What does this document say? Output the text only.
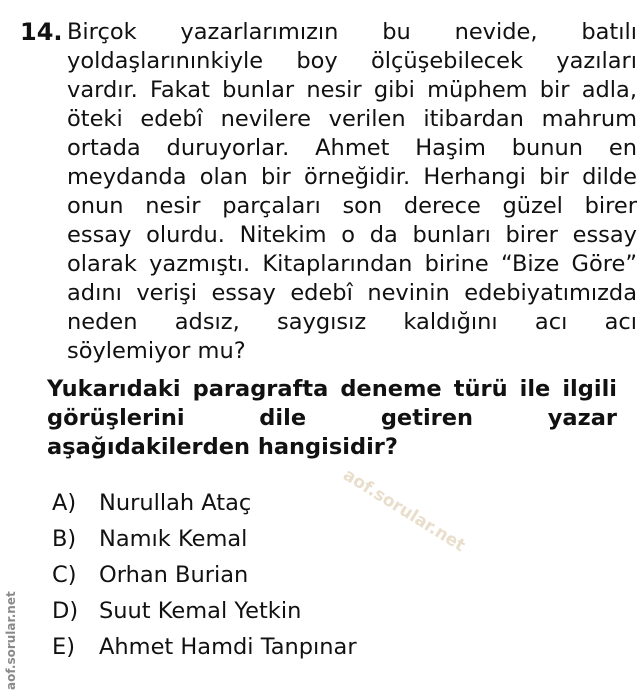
14. Birçok yazarlarımızın bu nevide, batılı
yoldaşlarınınkiyle boy ölçüşebilecek yazıları
vardır. Fakat bunlar nesir gibi müphem bir adla,
öteki edebî nevilere verilen itibardan mahrum
ortada duruyorlar. Ahmet Haşim bunun en
meydanda olan bir örneğidir. Herhangi bir dilde
onun nesir parçaları son derece güzel birer
essay olurdu. Nitekim o da bunları birer essay
olarak yazmıştı. Kitaplarından birine “Bize Göre”
adını verişi essay edebî nevinin edebiyatımızda
neden adsız, saygısız kaldığını acı acı
söylemiyor mu?
Yukarıdaki paragrafta deneme türü ile ilgili
görüşlerini dile getiren yazar
aşağıdakilerden hangisidir?
A)	Nurullah Ataç
B)	Namık Kemal
C)	Orhan Burian
D) Suut Kemal Yetkin
E)	Ahmet Hamdi Tanpınar
aof.sorular.net
aof.sorular.net
